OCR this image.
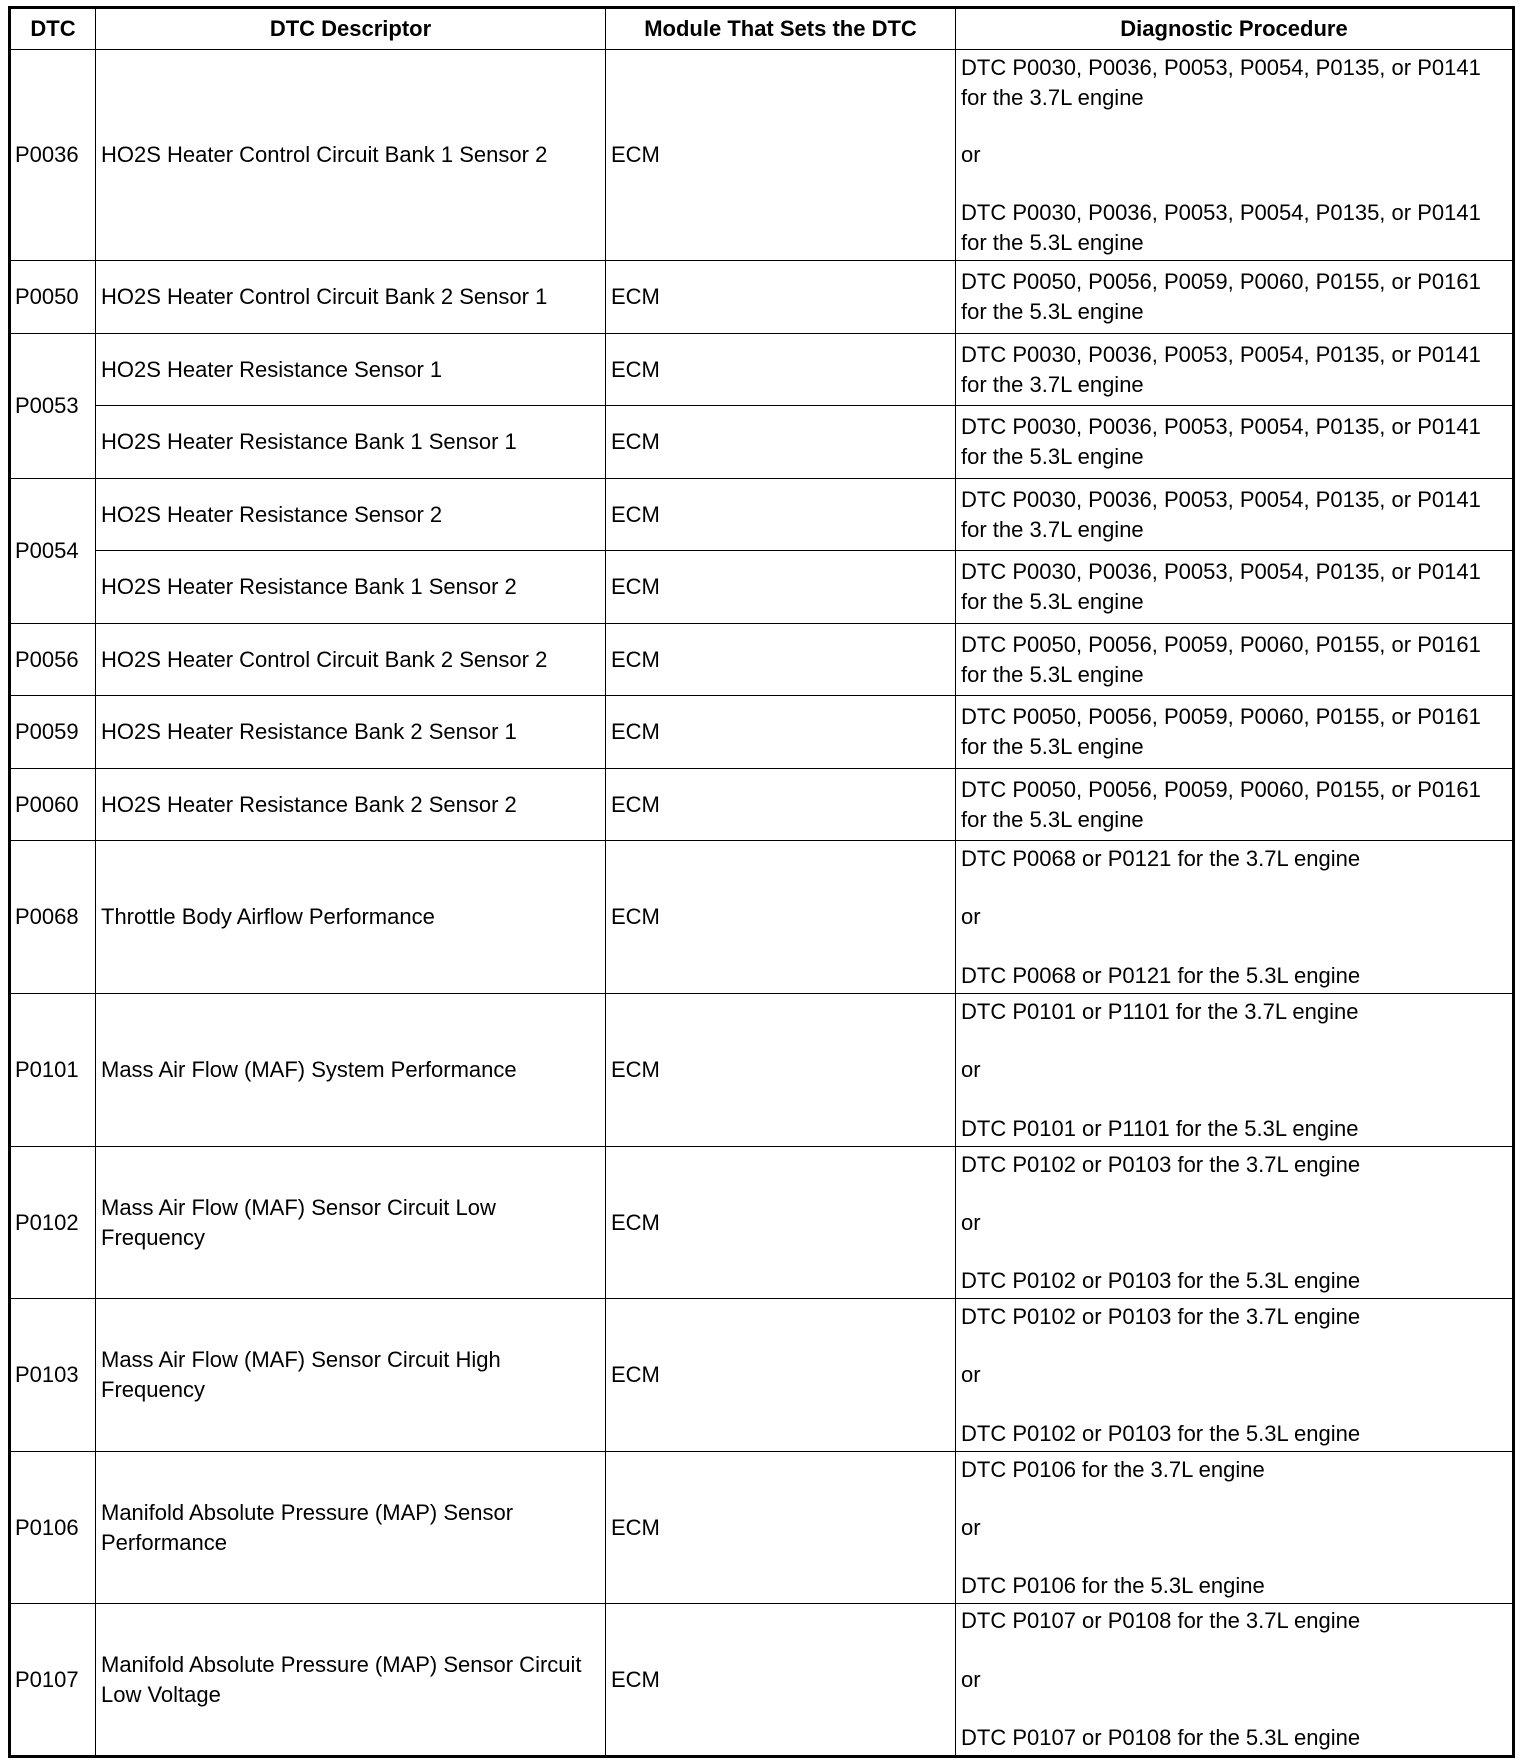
DTC	DTC Descriptor	Module That Sets the DTC	Diagnostic Procedure
P0036	HO2S Heater Control Circuit Bank 1 Sensor 2	ECM	DTC P0030, P0036, P0053, P0054, P0135, or P0141 for the 3.7L engine
or
DTC P0030, P0036, P0053, P0054, P0135, or P0141 for the 5.3L engine

P0050	HO2S Heater Control Circuit Bank 2 Sensor 1	ECM	DTC P0050, P0056, P0059, P0060, P0155, or P0161 for the 5.3L engine

P0053	HO2S Heater Resistance Sensor 1	ECM	DTC P0030, P0036, P0053, P0054, P0135, or P0141 for the 3.7L engine

	HO2S Heater Resistance Bank 1 Sensor 1	ECM	DTC P0030, P0036, P0053, P0054, P0135, or P0141 for the 5.3L engine

P0054	HO2S Heater Resistance Sensor 2	ECM	DTC P0030, P0036, P0053, P0054, P0135, or P0141 for the 3.7L engine

	HO2S Heater Resistance Bank 1 Sensor 2	ECM	DTC P0030, P0036, P0053, P0054, P0135, or P0141 for the 5.3L engine

P0056	HO2S Heater Control Circuit Bank 2 Sensor 2	ECM	DTC P0050, P0056, P0059, P0060, P0155, or P0161 for the 5.3L engine

P0059	HO2S Heater Resistance Bank 2 Sensor 1	ECM	DTC P0050, P0056, P0059, P0060, P0155, or P0161 for the 5.3L engine

P0060	HO2S Heater Resistance Bank 2 Sensor 2	ECM	DTC P0050, P0056, P0059, P0060, P0155, or P0161 for the 5.3L engine

P0068	Throttle Body Airflow Performance	ECM	DTC P0068 or P0121 for the 3.7L engine
or
DTC P0068 or P0121 for the 5.3L engine

P0101	Mass Air Flow (MAF) System Performance	ECM	DTC P0101 or P1101 for the 3.7L engine
or
DTC P0101 or P1101 for the 5.3L engine

P0102	Mass Air Flow (MAF) Sensor Circuit Low Frequency	ECM	DTC P0102 or P0103 for the 3.7L engine
or
DTC P0102 or P0103 for the 5.3L engine

P0103	Mass Air Flow (MAF) Sensor Circuit High Frequency	ECM	DTC P0102 or P0103 for the 3.7L engine
or
DTC P0102 or P0103 for the 5.3L engine

P0106	Manifold Absolute Pressure (MAP) Sensor Performance	ECM	DTC P0106 for the 3.7L engine
or
DTC P0106 for the 5.3L engine

P0107	Manifold Absolute Pressure (MAP) Sensor Circuit Low Voltage	ECM	DTC P0107 or P0108 for the 3.7L engine
or
DTC P0107 or P0108 for the 5.3L engine
